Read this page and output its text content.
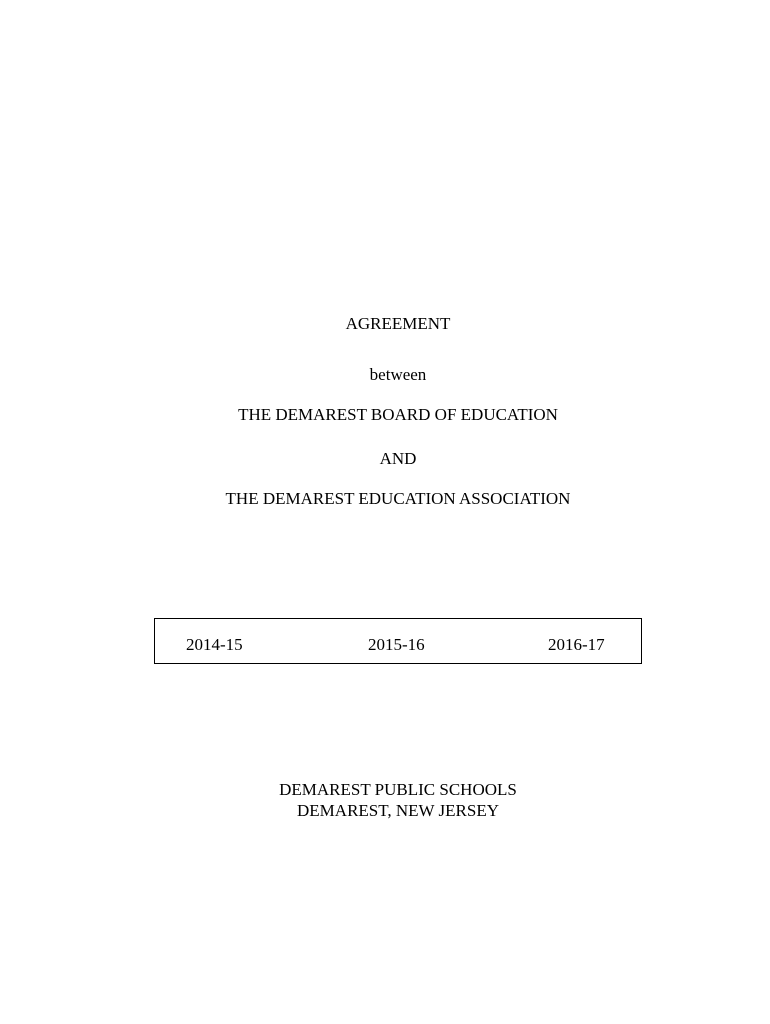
AGREEMENT
between
THE DEMAREST BOARD OF EDUCATION
AND
THE DEMAREST EDUCATION ASSOCIATION
2014-15	2015-16	2016-17
DEMAREST PUBLIC SCHOOLS
DEMAREST, NEW JERSEY
